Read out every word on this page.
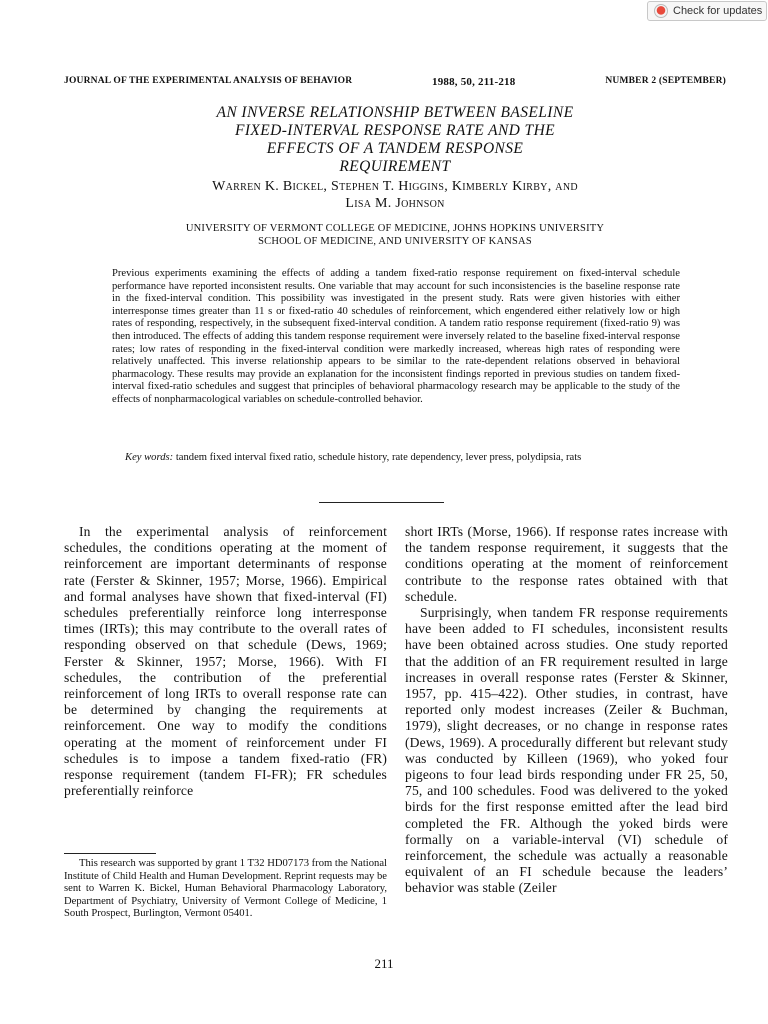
Check for updates
JOURNAL OF THE EXPERIMENTAL ANALYSIS OF BEHAVIOR	1988, 50, 211-218	NUMBER 2 (SEPTEMBER)
AN INVERSE RELATIONSHIP BETWEEN BASELINE
FIXED-INTERVAL RESPONSE RATE AND THE
EFFECTS OF A TANDEM RESPONSE
REQUIREMENT
Warren K. Bickel, Stephen T. Higgins, Kimberly Kirby, and
Lisa M. Johnson
UNIVERSITY OF VERMONT COLLEGE OF MEDICINE, JOHNS HOPKINS UNIVERSITY
SCHOOL OF MEDICINE, AND UNIVERSITY OF KANSAS

Previous experiments examining the effects of adding a tandem fixed-ratio response requirement on fixed-interval schedule performance have reported inconsistent results. One variable that may account for such inconsistencies is the baseline response rate in the fixed-interval condition. This possibility was investigated in the present study. Rats were given histories with either interresponse times greater than 11 s or fixed-ratio 40 schedules of reinforcement, which engendered either relatively low or high rates of responding, respectively, in the subsequent fixed-interval condition. A tandem ratio response requirement (fixed-ratio 9) was then introduced. The effects of adding this tandem response requirement were inversely related to the baseline fixed-interval response rates; low rates of responding in the fixed-interval condition were markedly increased, whereas high rates of responding were relatively unaffected. This inverse relationship appears to be similar to the rate-dependent relations observed in behavioral pharmacology. These results may provide an explanation for the inconsistent findings reported in previous studies on tandem fixed-interval fixed-ratio schedules and suggest that principles of behavioral pharmacology research may be applicable to the study of the effects of nonpharmacological variables on schedule-controlled behavior.

Key words: tandem fixed interval fixed ratio, schedule history, rate dependency, lever press, polydipsia, rats

In the experimental analysis of reinforcement schedules, the conditions operating at the moment of reinforcement are important determinants of response rate (Ferster & Skinner, 1957; Morse, 1966). Empirical and formal analyses have shown that fixed-interval (FI) schedules preferentially reinforce long interresponse times (IRTs); this may contribute to the overall rates of responding observed on that schedule (Dews, 1969; Ferster & Skinner, 1957; Morse, 1966). With FI schedules, the contribution of the preferential reinforcement of long IRTs to overall response rate can be determined by changing the requirements at reinforcement. One way to modify the conditions operating at the moment of reinforcement under FI schedules is to impose a tandem fixed-ratio (FR) response requirement (tandem FI-FR); FR schedules preferentially reinforce

short IRTs (Morse, 1966). If response rates increase with the tandem response requirement, it suggests that the conditions operating at the moment of reinforcement contribute to the response rates obtained with that schedule.

Surprisingly, when tandem FR response requirements have been added to FI schedules, inconsistent results have been obtained across studies. One study reported that the addition of an FR requirement resulted in large increases in overall response rates (Ferster & Skinner, 1957, pp. 415–422). Other studies, in contrast, have reported only modest increases (Zeiler & Buchman, 1979), slight decreases, or no change in response rates (Dews, 1969). A procedurally different but relevant study was conducted by Killeen (1969), who yoked four pigeons to four lead birds responding under FR 25, 50, 75, and 100 schedules. Food was delivered to the yoked birds for the first response emitted after the lead bird completed the FR. Although the yoked birds were formally on a variable-interval (VI) schedule of reinforcement, the schedule was actually a reasonable equivalent of an FI schedule because the leaders’ behavior was stable (Zeiler

This research was supported by grant 1 T32 HD07173 from the National Institute of Child Health and Human Development. Reprint requests may be sent to Warren K. Bickel, Human Behavioral Pharmacology Laboratory, Department of Psychiatry, University of Vermont College of Medicine, 1 South Prospect, Burlington, Vermont 05401.

211
